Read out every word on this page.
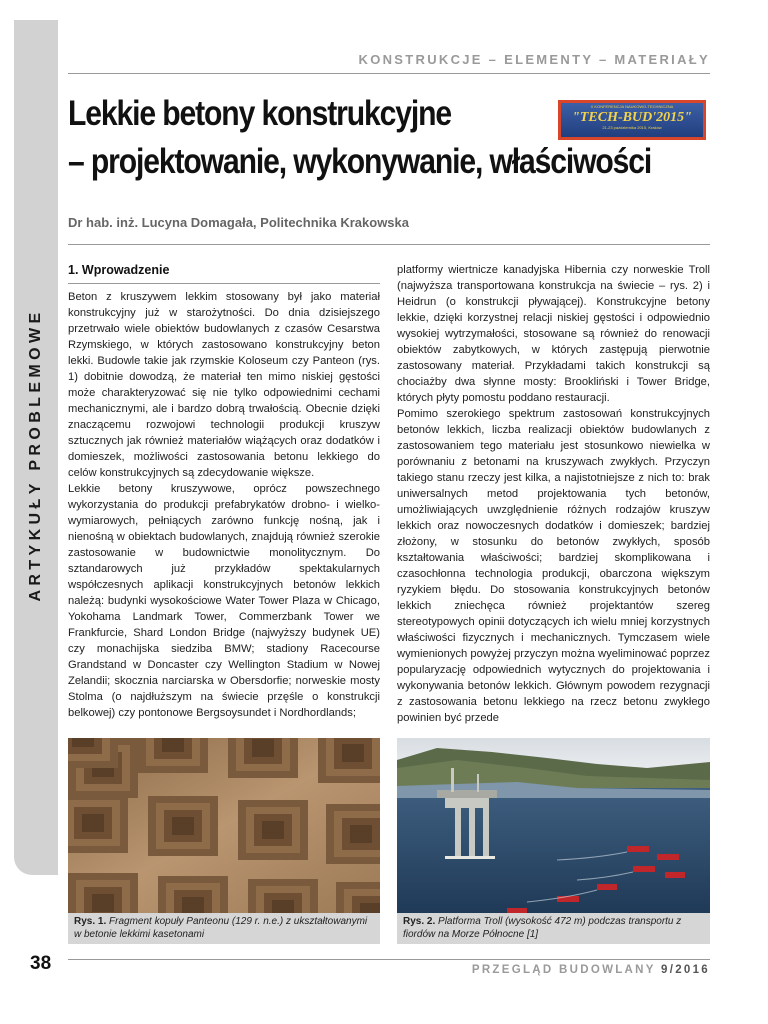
ARTYKUŁY PROBLEMOWE
KONSTRUKCJE – ELEMENTY – MATERIAŁY
Lekkie betony konstrukcyjne
– projektowanie, wykonywanie, właściwości
X KONFERENCJA NAUKOWO-TECHNICZNA
"TECH-BUD'2015"
21-23 października 2015, Kraków
Dr hab. inż. Lucyna Domagała, Politechnika Krakowska
1. Wprowadzenie

Beton z kruszywem lekkim stosowany był jako materiał konstrukcyjny już w starożytności. Do dnia dzisiejszego przetrwało wiele obiektów budowlanych z czasów Cesarstwa Rzymskiego, w których zastosowano konstrukcyjny beton lekki. Budowle takie jak rzymskie Koloseum czy Panteon (rys. 1) dobitnie dowodzą, że materiał ten mimo niskiej gęstości może charakteryzować się nie tylko odpowiednimi cechami mechanicznymi, ale i bardzo dobrą trwałością. Obecnie dzięki znaczącemu rozwojowi technologii produkcji kruszyw sztucznych jak również materiałów wiążących oraz dodatków i domieszek, możliwości zastosowania betonu lekkiego do celów konstrukcyjnych są zdecydowanie większe.

Lekkie betony kruszywowe, oprócz powszechnego wykorzystania do produkcji prefabrykatów drobno- i wielko- wymiarowych, pełniących zarówno funkcję nośną, jak i nienośną w obiektach budowlanych, znajdują również szerokie zastosowanie w budownictwie monolitycznym. Do sztandarowych już przykładów spektakularnych współczesnych aplikacji konstrukcyjnych betonów lekkich należą: budynki wysokościowe Water Tower Plaza w Chicago, Yokohama Landmark Tower, Commerzbank Tower we Frankfurcie, Shard London Bridge (najwyższy budynek UE) czy monachijska siedziba BMW; stadiony Racecourse Grandstand w Doncaster czy Wellington Stadium w Nowej Zelandii; skocznia narciarska w Obersdorfie; norweskie mosty Stolma (o najdłuższym na świecie przęśle o konstrukcji belkowej) czy pontonowe Bergsoysundet i Nordhordlands;

platformy wiertnicze kanadyjska Hibernia czy norweskie Troll (najwyższa transportowana konstrukcja na świecie – rys. 2) i Heidrun (o konstrukcji pływającej). Konstrukcyjne betony lekkie, dzięki korzystnej relacji niskiej gęstości i odpowiednio wysokiej wytrzymałości, stosowane są również do renowacji obiektów zabytkowych, w których zastępują pierwotnie zastosowany materiał. Przykładami takich konstrukcji są chociażby dwa słynne mosty: Brookliński i Tower Bridge, których płyty pomostu poddano restauracji.

Pomimo szerokiego spektrum zastosowań konstrukcyjnych betonów lekkich, liczba realizacji obiektów budowlanych z zastosowaniem tego materiału jest stosunkowo niewielka w porównaniu z betonami na kruszywach zwykłych. Przyczyn takiego stanu rzeczy jest kilka, a najistotniejsze z nich to: brak uniwersalnych metod projektowania tych betonów, umożliwiających uwzględnienie różnych rodzajów kruszyw lekkich oraz nowoczesnych dodatków i domieszek; bardziej złożony, w stosunku do betonów zwykłych, sposób kształtowania właściwości; bardziej skomplikowana i czasochłonna technologia produkcji, obarczona większym ryzykiem błędu. Do stosowania konstrukcyjnych betonów lekkich zniechęca również projektantów szereg stereotypowych opinii dotyczących ich wielu mniej korzystnych właściwości fizycznych i mechanicznych. Tymczasem wiele wymienionych powyżej przyczyn można wyeliminować poprzez popularyzację odpowiednich wytycznych do projektowania i wykonywania betonów lekkich. Głównym powodem rezygnacji z zastosowania betonu lekkiego na rzecz betonu zwykłego powinien być przede

Rys. 1. Fragment kopuły Panteonu (129 r. n.e.) z ukształtowanymi w betonie lekkimi kasetonami
Rys. 2. Platforma Troll (wysokość 472 m) podczas transportu z fiordów na Morze Północne [1]
38	PRZEGLĄD BUDOWLANY 9/2016
